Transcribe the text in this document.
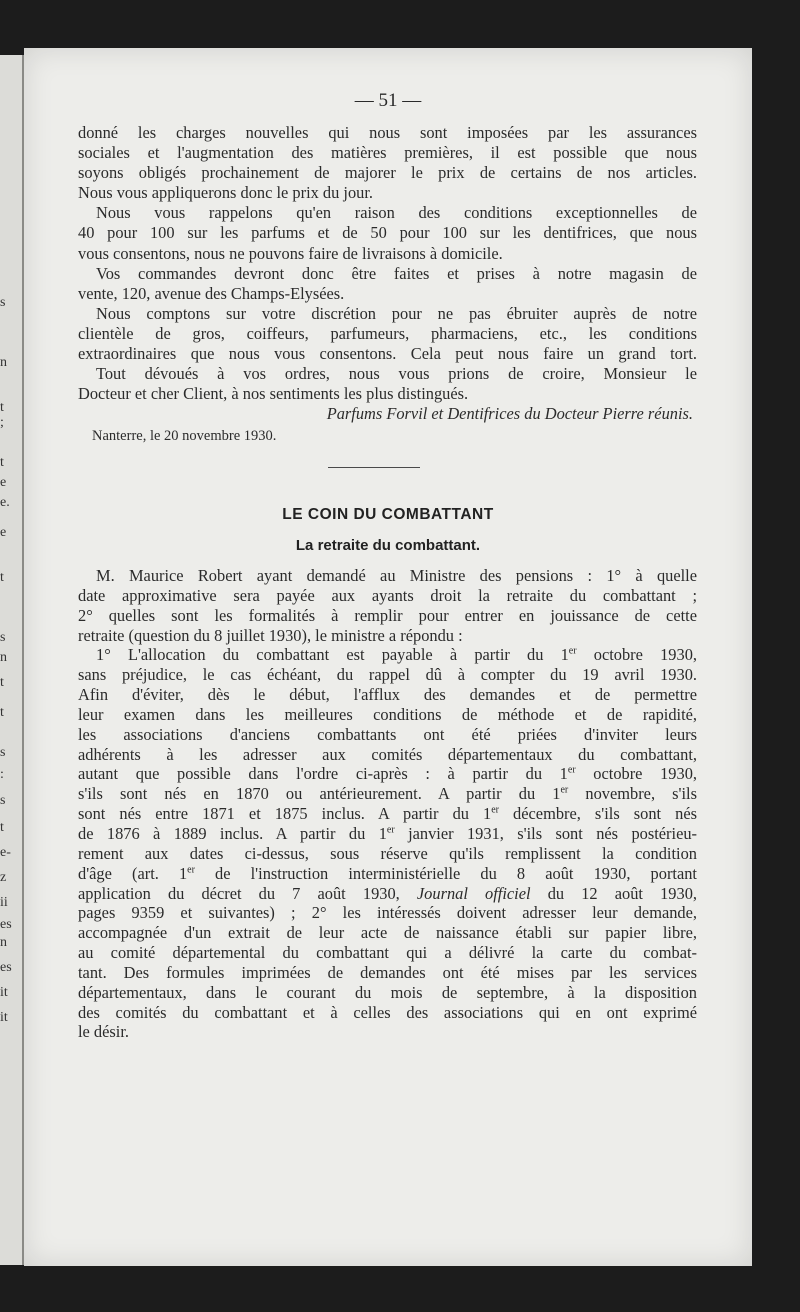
s
n
t
;
t
e
e.
e
t
s
n
t
t
s
:
s
t
e-
z
ii
es
n
es
it
it
— 51 —
donné les charges nouvelles qui nous sont imposées par les assurances
sociales et l'augmentation des matières premières, il est possible que nous
soyons obligés prochainement de majorer le prix de certains de nos articles.
Nous vous appliquerons donc le prix du jour.
Nous vous rappelons qu'en raison des conditions exceptionnelles de
40 pour 100 sur les parfums et de 50 pour 100 sur les dentifrices, que nous
vous consentons, nous ne pouvons faire de livraisons à domicile.
Vos commandes devront donc être faites et prises à notre magasin de
vente, 120, avenue des Champs-Elysées.
Nous comptons sur votre discrétion pour ne pas ébruiter auprès de notre
clientèle de gros, coiffeurs, parfumeurs, pharmaciens, etc., les conditions
extraordinaires que nous vous consentons. Cela peut nous faire un grand tort.
Tout dévoués à vos ordres, nous vous prions de croire, Monsieur le
Docteur et cher Client, à nos sentiments les plus distingués.
Parfums Forvil et Dentifrices du Docteur Pierre réunis.
Nanterre, le 20 novembre 1930.
LE COIN DU COMBATTANT
La retraite du combattant.
M. Maurice Robert ayant demandé au Ministre des pensions : 1° à quelle
date approximative sera payée aux ayants droit la retraite du combattant ;
2° quelles sont les formalités à remplir pour entrer en jouissance de cette
retraite (question du 8 juillet 1930), le ministre a répondu :
1° L'allocation du combattant est payable à partir du 1er octobre 1930,
sans préjudice, le cas échéant, du rappel dû à compter du 19 avril 1930.
Afin d'éviter, dès le début, l'afflux des demandes et de permettre
leur examen dans les meilleures conditions de méthode et de rapidité,
les associations d'anciens combattants ont été priées d'inviter leurs
adhérents à les adresser aux comités départementaux du combattant,
autant que possible dans l'ordre ci-après : à partir du 1er octobre 1930,
s'ils sont nés en 1870 ou antérieurement. A partir du 1er novembre, s'ils
sont nés entre 1871 et 1875 inclus. A partir du 1er décembre, s'ils sont nés
de 1876 à 1889 inclus. A partir du 1er janvier 1931, s'ils sont nés postérieu-
rement aux dates ci-dessus, sous réserve qu'ils remplissent la condition
d'âge (art. 1er de l'instruction interministérielle du 8 août 1930, portant
application du décret du 7 août 1930, Journal officiel du 12 août 1930,
pages 9359 et suivantes) ; 2° les intéressés doivent adresser leur demande,
accompagnée d'un extrait de leur acte de naissance établi sur papier libre,
au comité départemental du combattant qui a délivré la carte du combat-
tant. Des formules imprimées de demandes ont été mises par les services
départementaux, dans le courant du mois de septembre, à la disposition
des comités du combattant et à celles des associations qui en ont exprimé
le désir.
